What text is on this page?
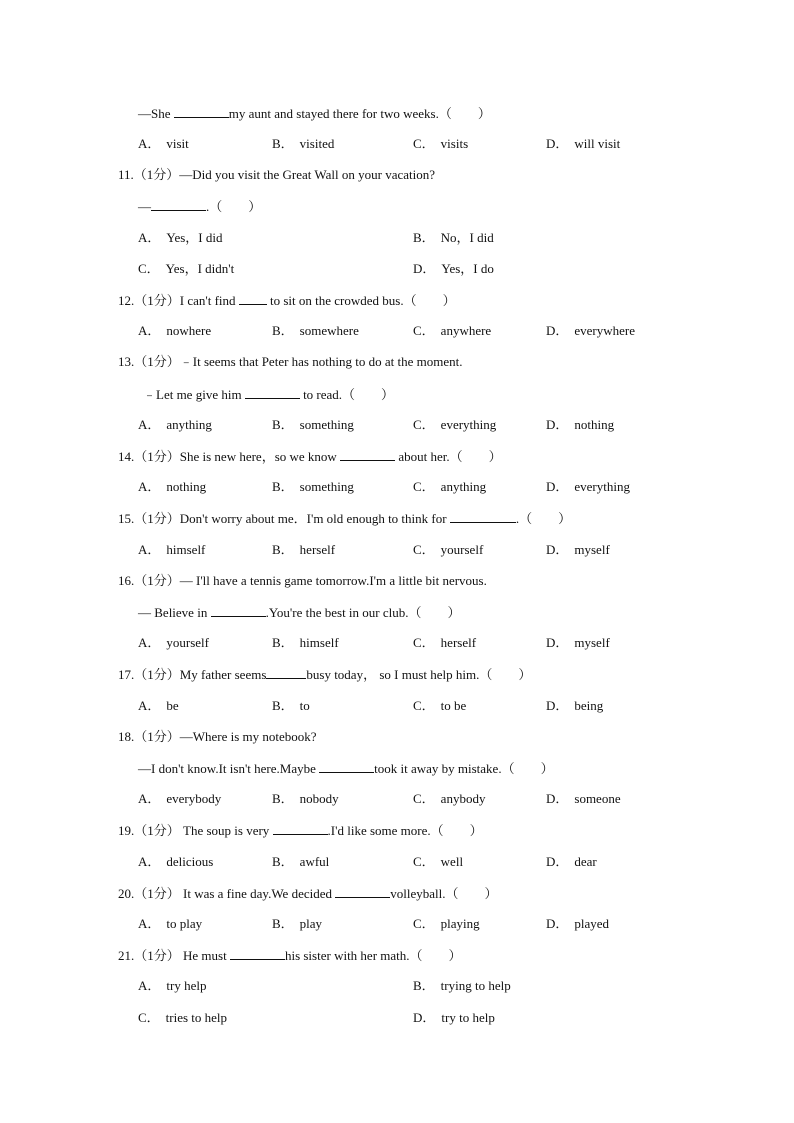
—She	my aunt and stayed there for two weeks.（　　）
A． visit	B． visited	C． visits	D． will visit
11.（1分）—Did you visit the Great Wall on your vacation?
—	.（　　）
A． Yes，I did	B． No，I did
C． Yes，I didn't	D． Yes，I do
12.（1分）I can't find  to sit on the crowded bus.（　　）
A． nowhere	B． somewhere	C． anywhere	D． everywhere
13.（1分）﹣It seems that Peter has nothing to do at the moment.
﹣Let me give him	to read.（　　）
A． anything	B． something	C． everything	D． nothing
14.（1分）She is new here，so we know	about her.（　　）
A． nothing	B． something	C． anything	D． everything
15.（1分）Don't worry about me．I'm old enough to think for	.（　　）
A． himself	B． herself	C． yourself	D． myself
16.（1分）— I'll have a tennis game tomorrow.I'm a little bit nervous.
— Believe in	.You're the best in our club.（　　）
A． yourself	B． himself	C． herself	D． myself
17.（1分）My father seems	busy today， so I must help him.（　　）
A． be	B． to	C． to be	D． being
18.（1分）—Where is my notebook?
—I don't know.It isn't here.Maybe	took it away by mistake.（　　）
A． everybody	B． nobody	C． anybody	D． someone
19.（1分） The soup is very	.I'd like some more.（　　）
A． delicious	B． awful	C． well	D． dear
20.（1分） It was a fine day.We decided	volleyball.（　　）
A． to play	B． play	C． playing	D． played
21.（1分） He must	his sister with her math.（　　）
A． try help	B． trying to help
C． tries to help	D． try to help
